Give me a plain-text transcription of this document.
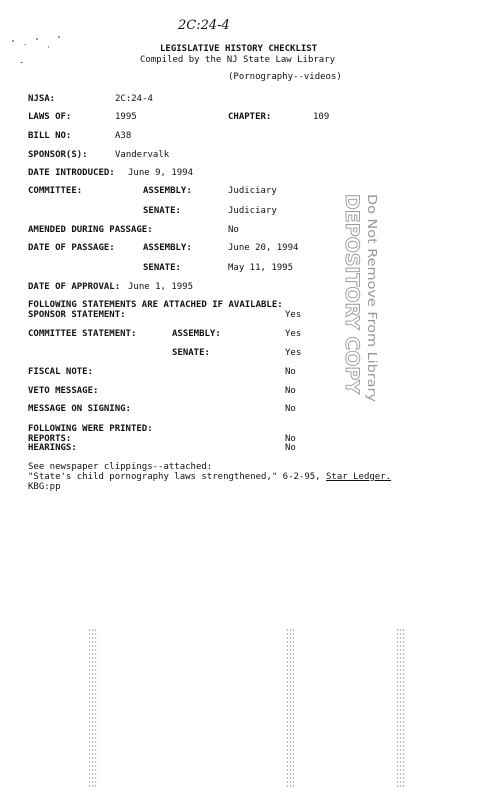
2C:24-4
LEGISLATIVE HISTORY CHECKLIST
Compiled by the NJ State Law Library
(Pornography--videos)
NJSA:	2C:24-4
LAWS OF:	1995	CHAPTER:	109
BILL NO:	A38
SPONSOR(S):	Vandervalk
DATE INTRODUCED: June 9, 1994
COMMITTEE:	ASSEMBLY:	Judiciary
SENATE:	Judiciary
AMENDED DURING PASSAGE:	No
DATE OF PASSAGE:	ASSEMBLY:	June 20, 1994
SENATE:	May 11, 1995
DATE OF APPROVAL: June 1, 1995
FOLLOWING STATEMENTS ARE ATTACHED IF AVAILABLE:
SPONSOR STATEMENT:	Yes
COMMITTEE STATEMENT:	ASSEMBLY:	Yes
SENATE:	Yes
FISCAL NOTE:	No
VETO MESSAGE:	No
MESSAGE ON SIGNING:	No
FOLLOWING WERE PRINTED:
REPORTS:	No
HEARINGS:	No
See newspaper clippings--attached:
"State's child pornography laws strengthened," 6-2-95, Star Ledger.
KBG:pp
DEPOSITORY COPY Do Not Remove From Library
